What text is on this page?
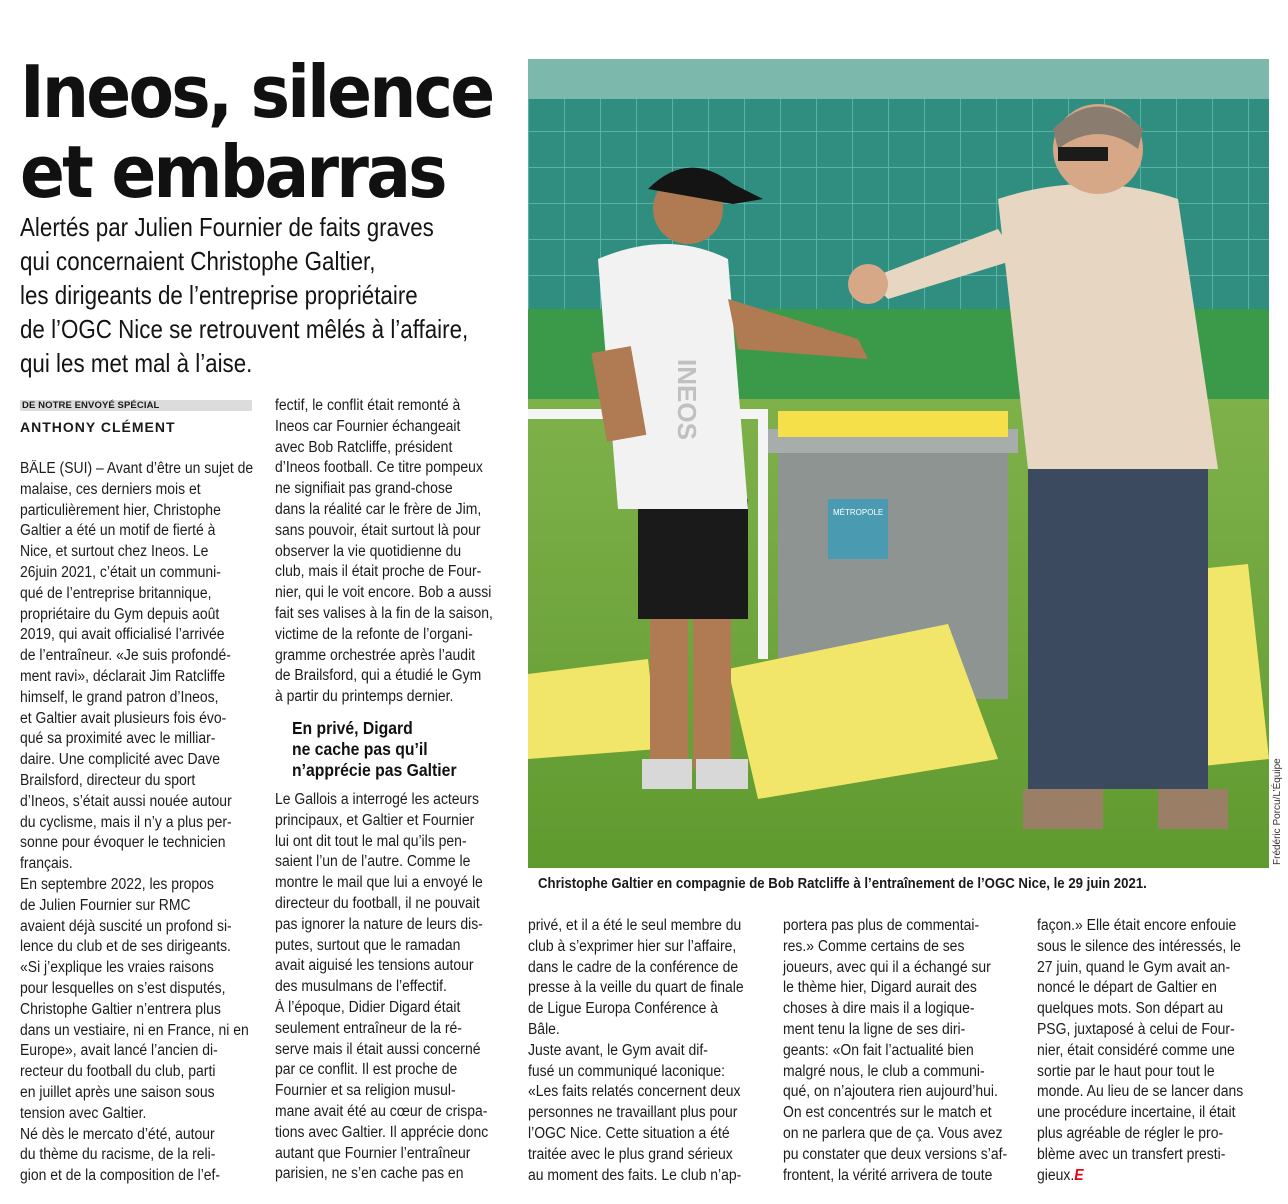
Ineos, silence
et embarras
Alertés par Julien Fournier de faits graves
qui concernaient Christophe Galtier,
les dirigeants de l’entreprise propriétaire
de l’OGC Nice se retrouvent mêlés à l’affaire,
qui les met mal à l’aise.
DE NOTRE ENVOYÉ SPÉCIAL
ANTHONY CLÉMENT
BÂLE (SUI) – Avant d’être un sujet de
malaise, ces derniers mois et
particulièrement hier, Christophe
Galtier a été un motif de fierté à
Nice, et surtout chez Ineos. Le
26juin 2021, c’était un communi-
qué de l’entreprise britannique,
propriétaire du Gym depuis août
2019, qui avait officialisé l’arrivée
de l’entraîneur. «Je suis profondé-
ment ravi», déclarait Jim Ratcliffe
himself, le grand patron d’Ineos,
et Galtier avait plusieurs fois évo-
qué sa proximité avec le milliar-
daire. Une complicité avec Dave
Brailsford, directeur du sport
d’Ineos, s’était aussi nouée autour
du cyclisme, mais il n’y a plus per-
sonne pour évoquer le technicien
français.
En septembre 2022, les propos
de Julien Fournier sur RMC
avaient déjà suscité un profond si-
lence du club et de ses dirigeants.
«Si j’explique les vraies raisons
pour lesquelles on s’est disputés,
Christophe Galtier n’entrera plus
dans un vestiaire, ni en France, ni en
Europe», avait lancé l’ancien di-
recteur du football du club, parti
en juillet après une saison sous
tension avec Galtier.
Né dès le mercato d’été, autour
du thème du racisme, de la reli-
gion et de la composition de l’ef-
fectif, le conflit était remonté à
Ineos car Fournier échangeait
avec Bob Ratcliffe, président
d’Ineos football. Ce titre pompeux
ne signifiait pas grand-chose
dans la réalité car le frère de Jim,
sans pouvoir, était surtout là pour
observer la vie quotidienne du
club, mais il était proche de Four-
nier, qui le voit encore. Bob a aussi
fait ses valises à la fin de la saison,
victime de la refonte de l’organi-
gramme orchestrée après l’audit
de Brailsford, qui a étudié le Gym
à partir du printemps dernier.
En privé, Digard
ne cache pas qu’il
n’apprécie pas Galtier
Le Gallois a interrogé les acteurs
principaux, et Galtier et Fournier
lui ont dit tout le mal qu’ils pen-
saient l’un de l’autre. Comme le
montre le mail que lui a envoyé le
directeur du football, il ne pouvait
pas ignorer la nature de leurs dis-
putes, surtout que le ramadan
avait aiguisé les tensions autour
des musulmans de l’effectif.
À l’époque, Didier Digard était
seulement entraîneur de la ré-
serve mais il était aussi concerné
par ce conflit. Il est proche de
Fournier et sa religion musul-
mane avait été au cœur de crispa-
tions avec Galtier. Il apprécie donc
autant que Fournier l’entraîneur
parisien, ne s’en cache pas en
privé, et il a été le seul membre du
club à s’exprimer hier sur l’affaire,
dans le cadre de la conférence de
presse à la veille du quart de finale
de Ligue Europa Conférence à
Bâle.
Juste avant, le Gym avait dif-
fusé un communiqué laconique:
«Les faits relatés concernent deux
personnes ne travaillant plus pour
l’OGC Nice. Cette situation a été
traitée avec le plus grand sérieux
au moment des faits. Le club n’ap-
portera pas plus de commentai-
res.» Comme certains de ses
joueurs, avec qui il a échangé sur
le thème hier, Digard aurait des
choses à dire mais il a logique-
ment tenu la ligne de ses diri-
geants: «On fait l’actualité bien
malgré nous, le club a communi-
qué, on n’ajoutera rien aujourd’hui.
On est concentrés sur le match et
on ne parlera que de ça. Vous avez
pu constater que deux versions s’af-
frontent, la vérité arrivera de toute
façon.» Elle était encore enfouie
sous le silence des intéressés, le
27 juin, quand le Gym avait an-
noncé le départ de Galtier en
quelques mots. Son départ au
PSG, juxtaposé à celui de Four-
nier, était considéré comme une
sortie par le haut pour tout le
monde. Au lieu de se lancer dans
une procédure incertaine, il était
plus agréable de régler le pro-
blème avec un transfert presti-
gieux.E
MÉTROPOLE
INEOS
Christophe Galtier en compagnie de Bob Ratcliffe à l’entraînement de l’OGC Nice, le 29 juin 2021.
Frédéric Porcu/L’Équipe
